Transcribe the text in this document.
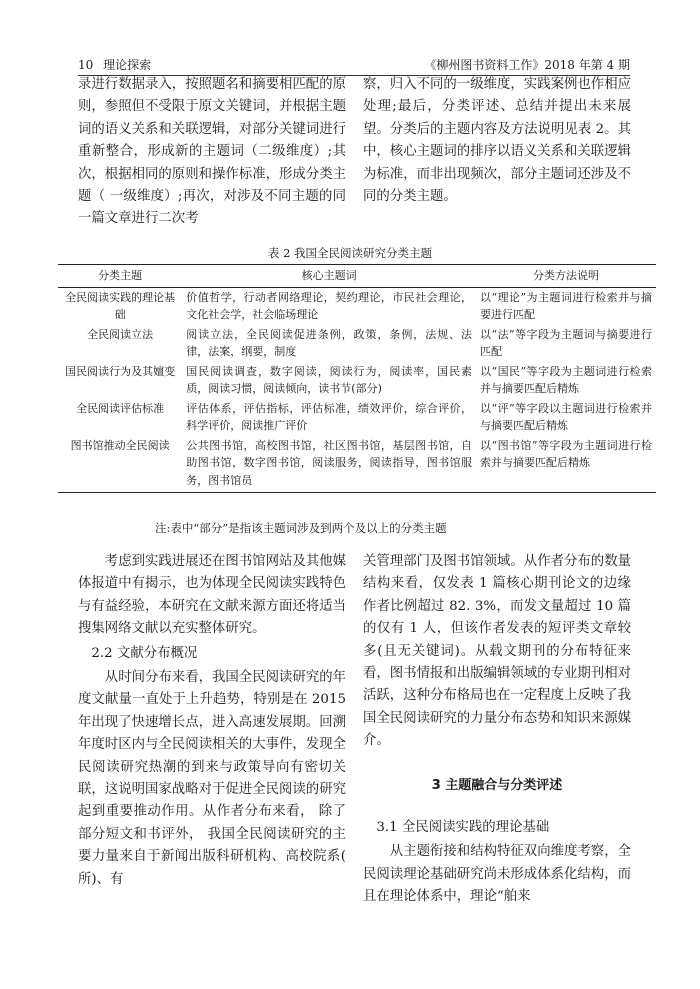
10 理论探索	《柳州图书资料工作》2018 年第 4 期

录进行数据录入，按照题名和摘要相匹配的原则，参照但不受限于原文关键词，并根据主题词的语义关系和关联逻辑，对部分关键词进行重新整合，形成新的主题词（二级维度）;其次，根据相同的原则和操作标准，形成分类主题（ 一级维度）;再次，对涉及不同主题的同一篇文章进行二次考

察，归入不同的一级维度，实践案例也作相应处理;最后，分类评述、总结并提出未来展望。分类后的主题内容及方法说明见表 2。其中，核心主题词的排序以语义关系和关联逻辑为标准，而非出现频次，部分主题词还涉及不同的分类主题。

表 2 我国全民阅读研究分类主题
分类主题	核心主题词	分类方法说明
全民阅读实践的理论基础	价值哲学，行动者网络理论，契约理论，市民社会理论，文化社会学，社会临场理论	以“理论”为主题词进行检索并与摘要进行匹配
全民阅读立法	阅读立法，全民阅读促进条例，政策，条例，法规、法律，法案，纲要，制度	以“法”等字段为主题词与摘要进行匹配
国民阅读行为及其嬗变	国民阅读调查，数字阅读，阅读行为，阅读率，国民素质，阅读习惯，阅读倾向，读书节(部分)	以“国民”等字段为主题词进行检索并与摘要匹配后精炼
全民阅读评估标准	评估体系，评估指标，评估标准，绩效评价，综合评价，科学评价，阅读推广评价	以“评”等字段以主题词进行检索并与摘要匹配后精炼
图书馆推动全民阅读	公共图书馆，高校图书馆，社区图书馆，基层图书馆，自助图书馆，数字图书馆，阅读服务，阅读指导，图书馆服务，图书馆员	以“图书馆”等字段为主题词进行检索并与摘要匹配后精炼
注:表中“部分”是指该主题词涉及到两个及以上的分类主题

考虑到实践进展还在图书馆网站及其他媒体报道中有揭示，也为体现全民阅读实践特色与有益经验，本研究在文献来源方面还将适当搜集网络文献以充实整体研究。

2.2 文献分布概况

从时间分布来看，我国全民阅读研究的年度文献量一直处于上升趋势，特别是在 2015 年出现了快速增长点，进入高速发展期。回溯年度时区内与全民阅读相关的大事件，发现全民阅读研究热潮的到来与政策导向有密切关联，这说明国家战略对于促进全民阅读的研究起到重要推动作用。从作者分布来看， 除了部分短文和书评外， 我国全民阅读研究的主要力量来自于新闻出版科研机构、高校院系( 所)、有

关管理部门及图书馆领域。从作者分布的数量结构来看，仅发表 1 篇核心期刊论文的边缘作者比例超过 82. 3%，而发文量超过 10 篇的仅有 1 人，但该作者发表的短评类文章较多(且无关键词)。从载文期刊的分布特征来看，图书情报和出版编辑领域的专业期刊相对活跃，这种分布格局也在一定程度上反映了我国全民阅读研究的力量分布态势和知识来源媒介。

3 主题融合与分类评述

3.1 全民阅读实践的理论基础

从主题衔接和结构特征双向维度考察，全民阅读理论基础研究尚未形成体系化结构，而且在理论体系中，理论“舶来
